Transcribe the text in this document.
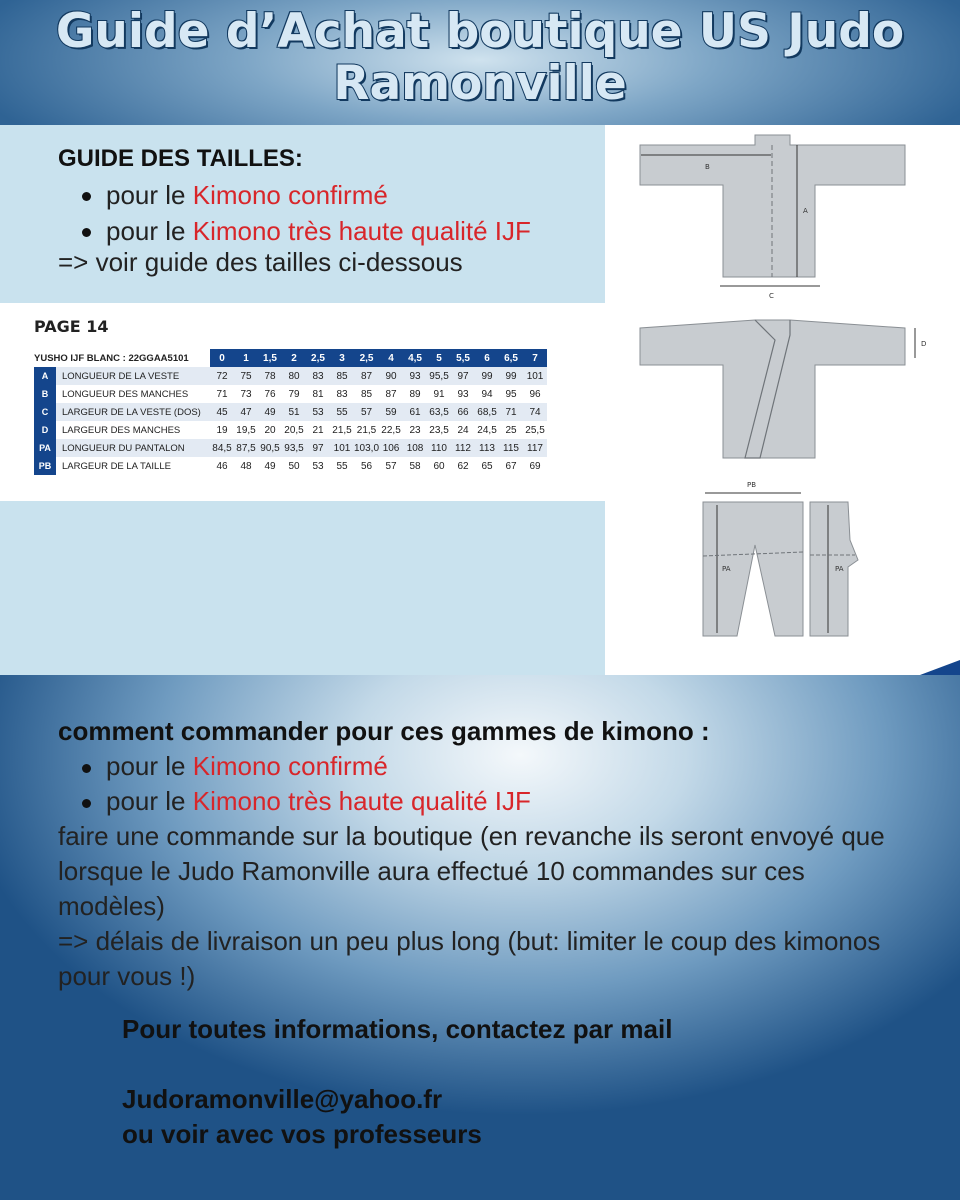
Guide d’Achat boutique US Judo Ramonville
GUIDE DES TAILLES:
pour le Kimono confirmé
pour le Kimono très haute qualité IJF
=> voir guide des tailles ci-dessous
PAGE 14
YUSHO IJF BLANC : 22GGAA5101		0	1	1,5	2	2,5	3	2,5	4	4,5	5	5,5	6	6,5	7
A	LONGUEUR DE LA VESTE	72	75	78	80	83	85	87	90	93	95,5	97	99	99	101
B	LONGUEUR DES MANCHES	71	73	76	79	81	83	85	87	89	91	93	94	95	96
C	LARGEUR DE LA VESTE (DOS)	45	47	49	51	53	55	57	59	61	63,5	66	68,5	71	74
D	LARGEUR DES MANCHES	19	19,5	20	20,5	21	21,5	21,5	22,5	23	23,5	24	24,5	25	25,5
PA	LONGUEUR DU PANTALON	84,5	87,5	90,5	93,5	97	101	103,0	106	108	110	112	113	115	117
PB	LARGEUR DE LA TAILLE	46	48	49	50	53	55	56	57	58	60	62	65	67	69
B
A
C
D
PB
PA	PA
comment commander pour ces gammes de kimono :
pour le Kimono confirmé
pour le Kimono très haute qualité IJF

faire une commande sur la boutique (en revanche ils seront envoyé que lorsque le Judo Ramonville aura effectué 10 commandes sur ces modèles)

=> délais de livraison un peu plus long (but: limiter le coup des kimonos pour vous !)

Pour toutes informations, contactez par mail
Judoramonville@yahoo.fr
ou voir avec vos professeurs
